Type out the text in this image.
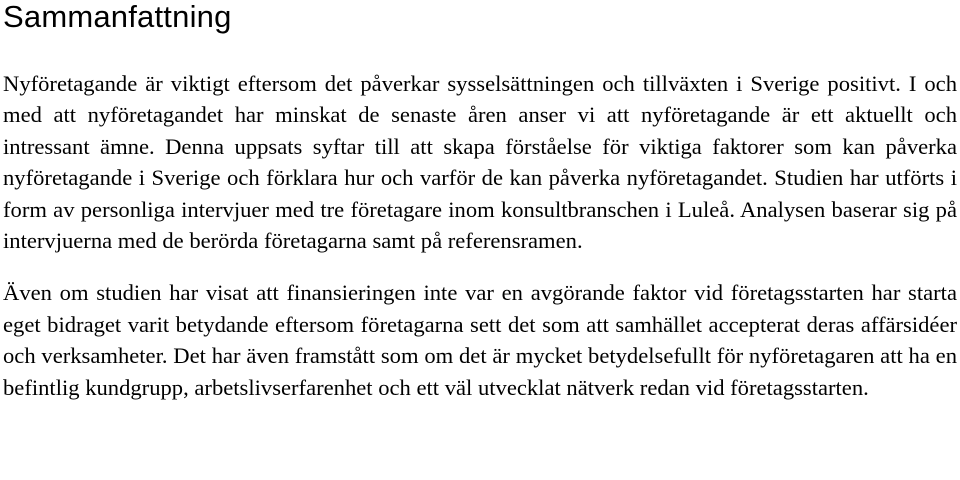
Sammanfattning

Nyföretagande är viktigt eftersom det påverkar sysselsättningen och tillväxten i Sverige positivt. I och med att nyföretagandet har minskat de senaste åren anser vi att nyföretagande är ett aktuellt och intressant ämne. Denna uppsats syftar till att skapa förståelse för viktiga faktorer som kan påverka nyföretagande i Sverige och förklara hur och varför de kan påverka nyföretagandet. Studien har utförts i form av personliga intervjuer med tre företagare inom konsultbranschen i Luleå. Analysen baserar sig på intervjuerna med de berörda företagarna samt på referensramen.

Även om studien har visat att finansieringen inte var en avgörande faktor vid företagsstarten har starta eget bidraget varit betydande eftersom företagarna sett det som att samhället accepterat deras affärsidéer och verksamheter. Det har även framstått som om det är mycket betydelsefullt för nyföretagaren att ha en befintlig kundgrupp, arbetslivserfarenhet och ett väl utvecklat nätverk redan vid företagsstarten.
